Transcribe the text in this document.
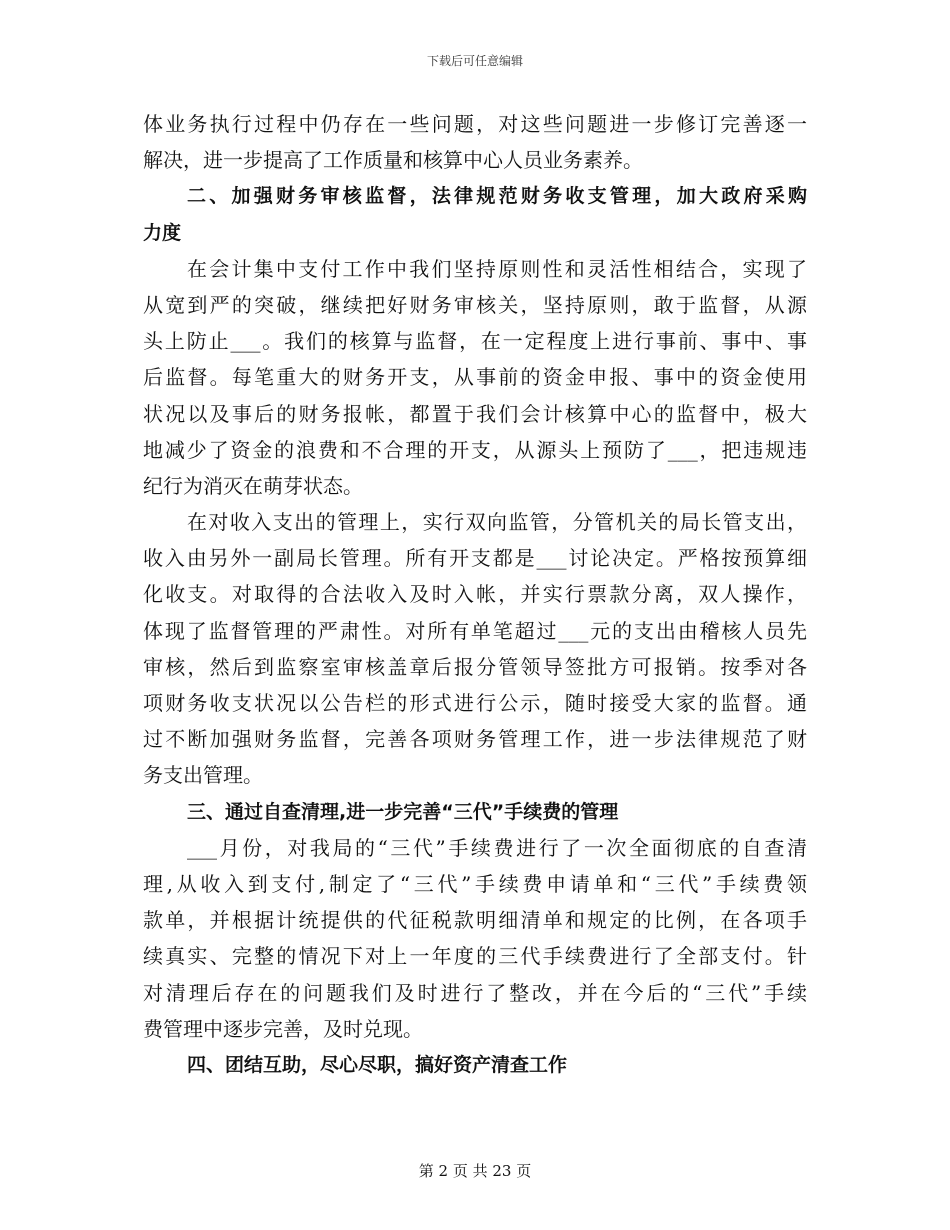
下载后可任意编辑
体业务执行过程中仍存在一些问题，对这些问题进一步修订完善逐一
解决，进一步提高了工作质量和核算中心人员业务素养。
二、加强财务审核监督，法律规范财务收支管理，加大政府采购
力度
在会计集中支付工作中我们坚持原则性和灵活性相结合，实现了
从宽到严的突破，继续把好财务审核关，坚持原则，敢于监督，从源
头上防止___。我们的核算与监督，在一定程度上进行事前、事中、事
后监督。每笔重大的财务开支，从事前的资金申报、事中的资金使用
状况以及事后的财务报帐，都置于我们会计核算中心的监督中，极大
地减少了资金的浪费和不合理的开支，从源头上预防了___，把违规违
纪行为消灭在萌芽状态。
在对收入支出的管理上，实行双向监管，分管机关的局长管支出，
收入由另外一副局长管理。所有开支都是___讨论决定。严格按预算细
化收支。对取得的合法收入及时入帐，并实行票款分离，双人操作，
体现了监督管理的严肃性。对所有单笔超过___元的支出由稽核人员先
审核，然后到监察室审核盖章后报分管领导签批方可报销。按季对各
项财务收支状况以公告栏的形式进行公示，随时接受大家的监督。通
过不断加强财务监督，完善各项财务管理工作，进一步法律规范了财
务支出管理。
三、通过自查清理,进一步完善“三代”手续费的管理
___月份，对我局的“三代”手续费进行了一次全面彻底的自查清
理,从收入到支付,制定了“三代”手续费申请单和“三代”手续费领
款单，并根据计统提供的代征税款明细清单和规定的比例，在各项手
续真实、完整的情况下对上一年度的三代手续费进行了全部支付。针
对清理后存在的问题我们及时进行了整改，并在今后的“三代”手续
费管理中逐步完善，及时兑现。
四、团结互助，尽心尽职，搞好资产清查工作
第 2 页 共 23 页
